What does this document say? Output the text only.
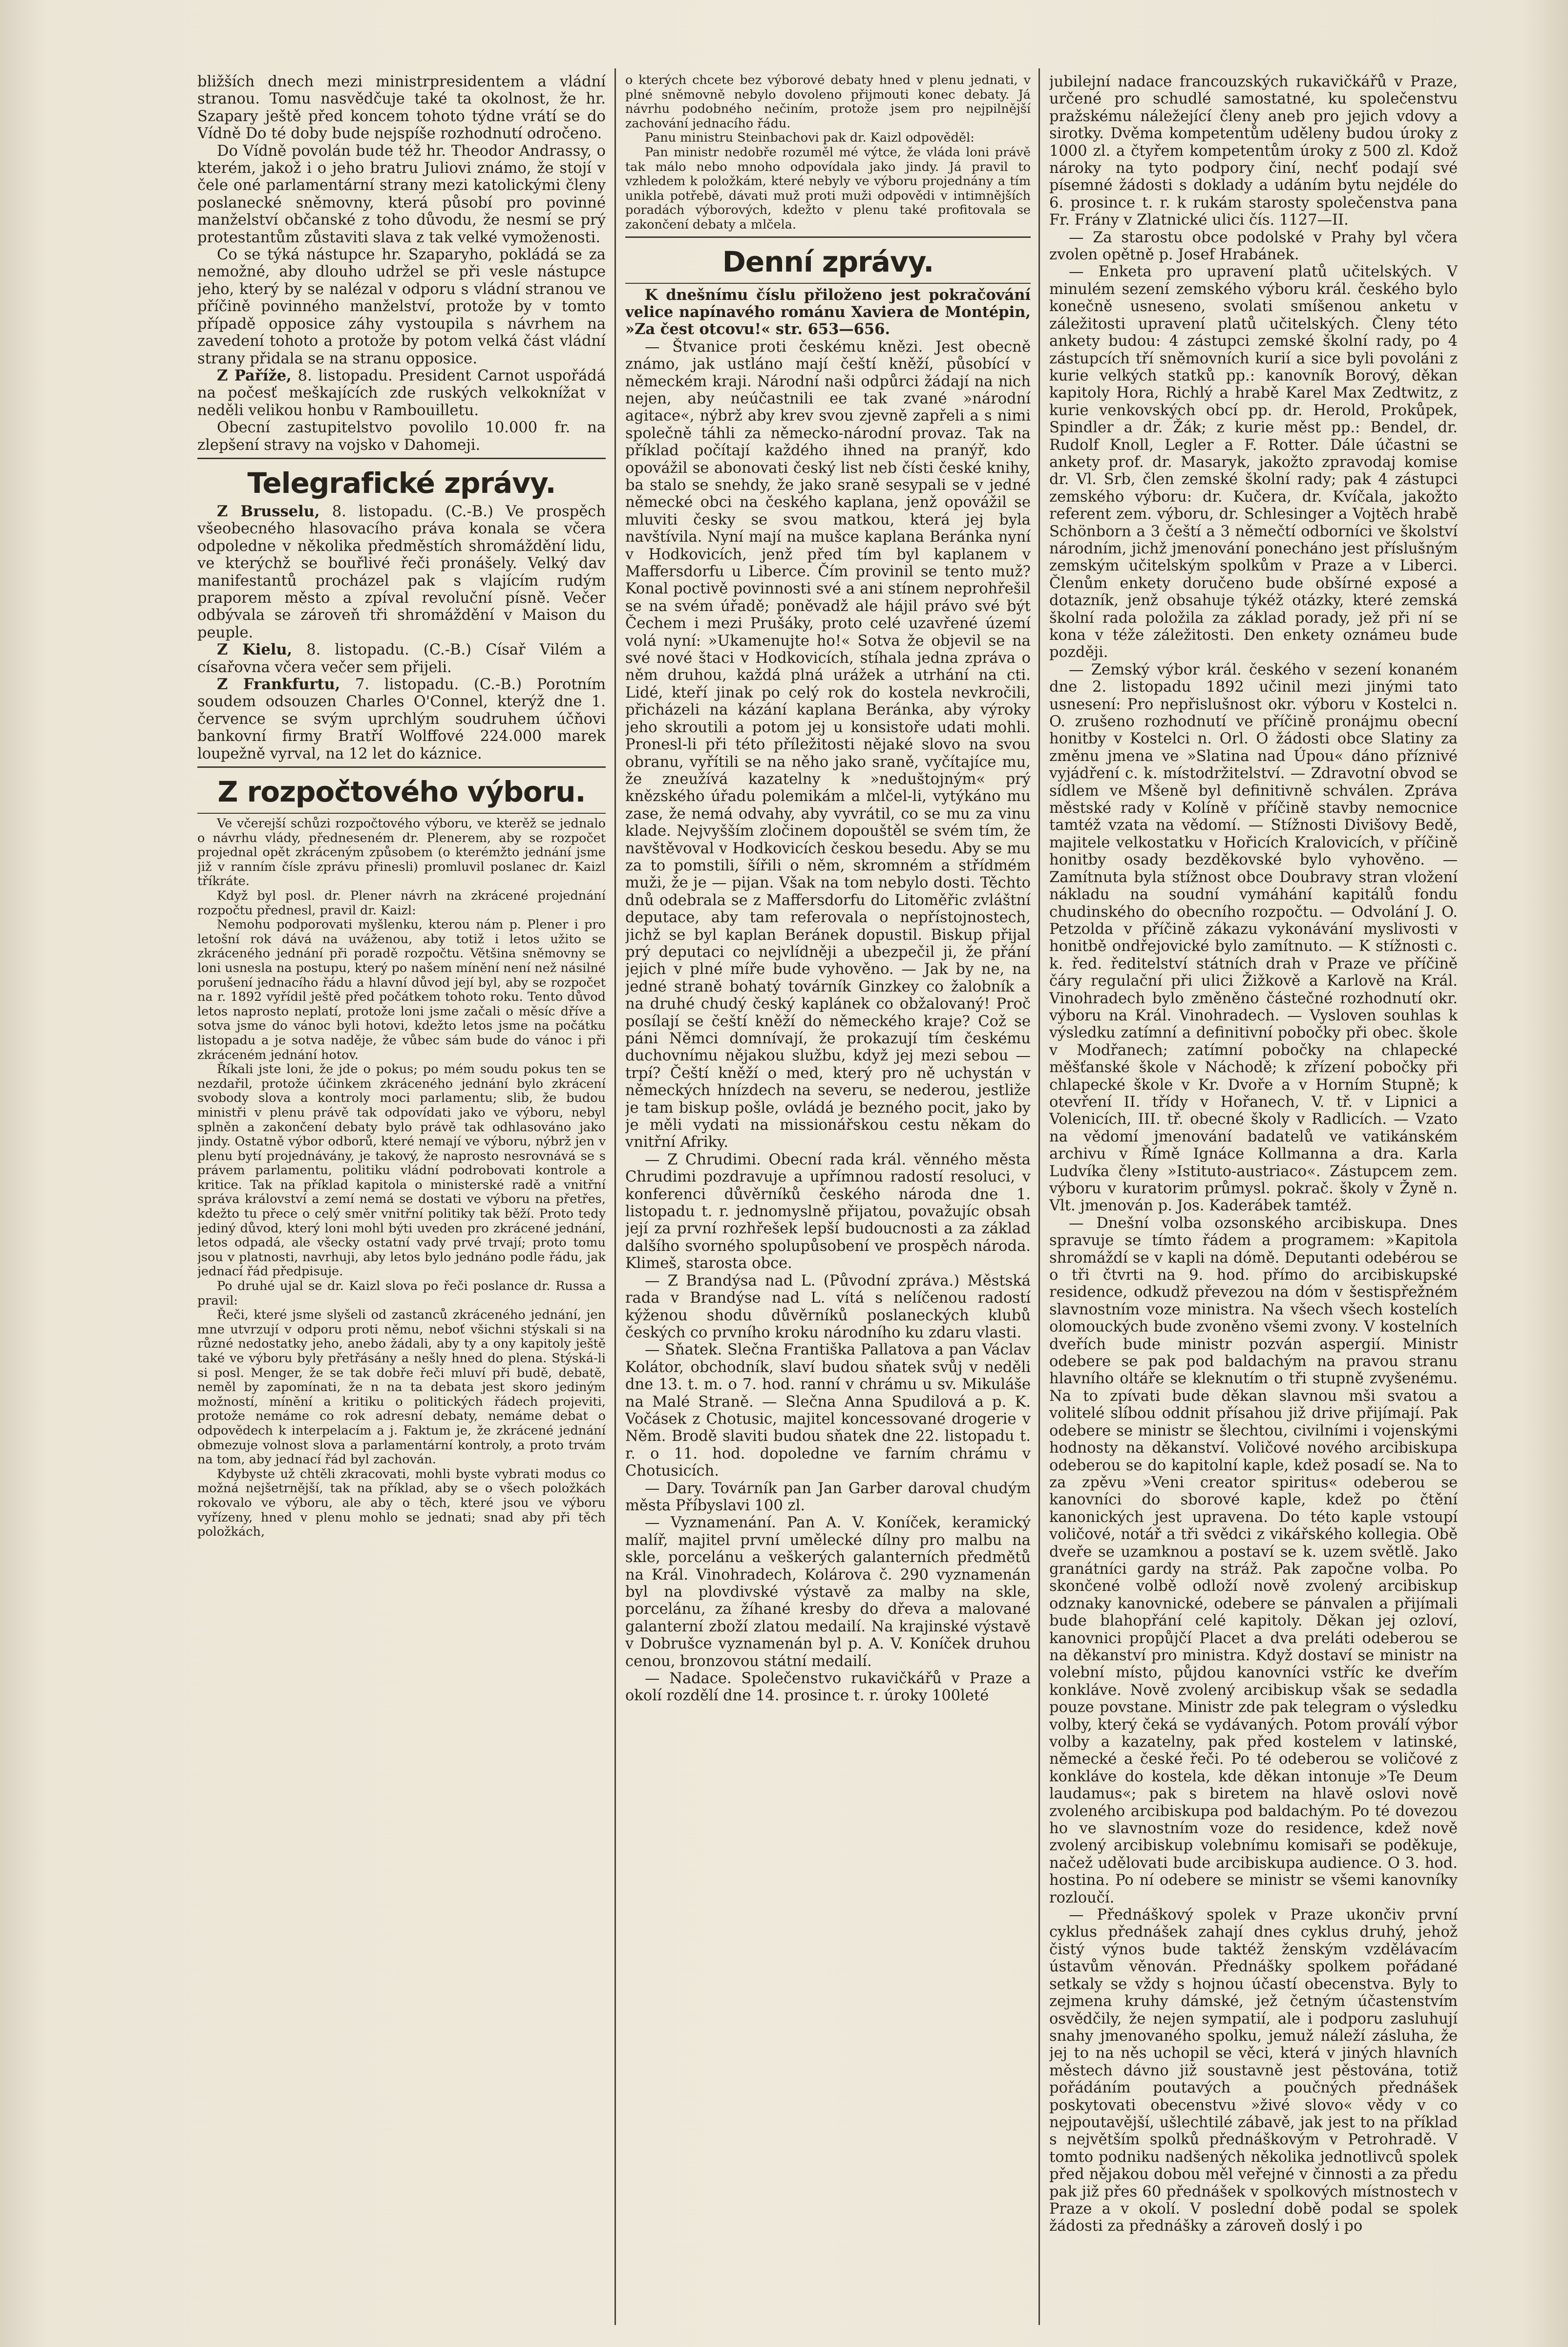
bližších dnech mezi ministrpresidentem a vládní stranou. Tomu nasvědčuje také ta okolnost, že hr. Szapary ještě před koncem tohoto týdne vrátí se do Vídně Do té doby bude nejspíše rozhodnutí odročeno.

Do Vídně povolán bude též hr. Theodor Andrassy, o kterém, jakož i o jeho bratru Juliovi známo, že stojí v čele oné parlamentární strany mezi katolickými členy poslanecké sněmovny, která působí pro povinné manželství občanské z toho důvodu, že nesmí se prý protestantům zůstaviti slava z tak velké vymoženosti.

Co se týká nástupce hr. Szaparyho, pokládá se za nemožné, aby dlouho udržel se při vesle nástupce jeho, který by se nalézal v odporu s vládní stranou ve příčině povinného manželství, protože by v tomto případě opposice záhy vystoupila s návrhem na zavedení tohoto a protože by potom velká část vládní strany přidala se na stranu opposice.

Z Paříže, 8. listopadu. President Carnot uspořádá na počesť meškajících zde ruských velkoknížat v neděli velikou honbu v Rambouilletu.

Obecní zastupitelstvo povolilo 10.000 fr. na zlepšení stravy na vojsko v Dahomeji.

Telegrafické zprávy.

Z Brusselu, 8. listopadu. (C.-B.) Ve prospěch všeobecného hlasovacího práva konala se včera odpoledne v několika předměstích shromáždění lidu, ve kterýchž se bouřlivé řeči pronášely. Velký dav manifestantů procházel pak s vlajícím rudým praporem město a zpíval revoluční písně. Večer odbývala se zároveň tři shromáždění v Maison du peuple.

Z Kielu, 8. listopadu. (C.-B.) Císař Vilém a císařovna včera večer sem přijeli.

Z Frankfurtu, 7. listopadu. (C.-B.) Porotním soudem odsouzen Charles O'Connel, kterýž dne 1. července se svým uprchlým soudruhem účňovi bankovní firmy Bratří Wolffové 224.000 marek loupežně vyrval, na 12 let do káznice.

Z rozpočtového výboru.

Ve včerejší schůzi rozpočtového výboru, ve kterěž se jednalo o návrhu vlády, předneseném dr. Plenerem, aby se rozpočet projednal opět zkráceným způsobem (o kterémžto jednání jsme již v ranním čísle zprávu přinesli) promluvil poslanec dr. Kaizl tříkráte.

Když byl posl. dr. Plener návrh na zkrácené projednání rozpočtu přednesl, pravil dr. Kaizl:

Nemohu podporovati myšlenku, kterou nám p. Plener i pro letošní rok dává na uváženou, aby totiž i letos užito se zkráceného jednání při poradě rozpočtu. Většina sněmovny se loni usnesla na postupu, který po našem mínění není než násilné porušení jednacího řádu a hlavní důvod její byl, aby se rozpočet na r. 1892 vyřídil ještě před počátkem tohoto roku. Tento důvod letos naprosto neplatí, protože loni jsme začali o měsíc dříve a sotva jsme do vánoc byli hotovi, kdežto letos jsme na počátku listopadu a je sotva naděje, že vůbec sám bude do vánoc i při zkráceném jednání hotov.

Říkali jste loni, že jde o pokus; po mém soudu pokus ten se nezdařil, protože účinkem zkráceného jednání bylo zkrácení svobody slova a kontroly moci parlamentu; slib, že budou ministři v plenu právě tak odpovídati jako ve výboru, nebyl splněn a zakončení debaty bylo právě tak odhlasováno jako jindy. Ostatně výbor odborů, které nemají ve výboru, nýbrž jen v plenu bytí projednávány, je takový, že naprosto nesrovnává se s právem parlamentu, politiku vládní podrobovati kontrole a kritice. Tak na příklad kapitola o ministerské radě a vnitřní správa království a zemí nemá se dostati ve výboru na přetřes, kdežto tu přece o celý směr vnitřní politiky tak běží. Proto tedy jediný důvod, který loni mohl býti uveden pro zkrácené jednání, letos odpadá, ale všecky ostatní vady prvé trvají; proto tomu jsou v platnosti, navrhuji, aby letos bylo jednáno podle řádu, jak jednací řád předpisuje.

Po druhé ujal se dr. Kaizl slova po řeči poslance dr. Russa a pravil:

Řeči, které jsme slyšeli od zastanců zkráceného jednání, jen mne utvrzují v odporu proti němu, neboť všichni stýskali si na různé nedostatky jeho, anebo žádali, aby ty a ony kapitoly ještě také ve výboru byly přetřásány a nešly hned do plena. Stýská-li si posl. Menger, že se tak dobře řeči mluví při budě, debatě, neměl by zapomínati, že n na ta debata jest skoro jediným možností, mínění a kritiku o politických řádech projeviti, protože nemáme co rok adresní debaty, nemáme debat o odpovědech k interpelacím a j. Faktum je, že zkrácené jednání obmezuje volnost slova a parlamentární kontroly, a proto trvám na tom, aby jednací řád byl zachován.

Kdybyste už chtěli zkracovati, mohli byste vybrati modus co možná nejšetrnější, tak na příklad, aby se o všech položkách rokovalo ve výboru, ale aby o těch, které jsou ve výboru vyřízeny, hned v plenu mohlo se jednati; snad aby při těch položkách,

o kterých chcete bez výborové debaty hned v plenu jednati, v plné sněmovně nebylo dovoleno přijmouti konec debaty. Já návrhu podobného nečiním, protože jsem pro nejpilnější zachování jednacího řádu.

Panu ministru Steinbachovi pak dr. Kaizl odpověděl:

Pan ministr nedobře rozuměl mé výtce, že vláda loni právě tak málo nebo mnoho odpovídala jako jindy. Já pravil to vzhledem k položkám, které nebyly ve výboru projednány a tím unikla potřebě, dávati muž proti muži odpovědi v intimnějších poradách výborových, kdežto v plenu také profitovala se zakončení debaty a mlčela.

Denní zprávy.

K dnešnímu číslu přiloženo jest pokračování velice napínavého románu Xaviera de Montépin, »Za čest otcovu!« str. 653—656.

— Štvanice proti českému knězi. Jest obecně známo, jak ustláno mají čeští kněží, působící v německém kraji. Národní naši odpůrci žádají na nich nejen, aby neúčastnili ee tak zvané »národní agitace«, nýbrž aby krev svou zjevně zapřeli a s nimi společně táhli za německo-národní provaz. Tak na příklad počítají každého ihned na pranýř, kdo opovážil se abonovati český list neb čísti české knihy, ba stalo se snehdy, že jako sraně sesypali se v jedné německé obci na českého kaplana, jenž opovážil se mluviti česky se svou matkou, která jej byla navštívila. Nyní mají na mušce kaplana Beránka nyní v Hodkovicích, jenž před tím byl kaplanem v Maffersdorfu u Liberce. Čím provinil se tento muž? Konal poctivě povinnosti své a ani stínem neprohřešil se na svém úřadě; poněvadž ale hájil právo své být Čechem i mezi Prušáky, proto celé uzavřené území volá nyní: »Ukamenujte ho!« Sotva že objevil se na své nové štaci v Hodkovicích, stíhala jedna zpráva o něm druhou, každá plná urážek a utrhání na cti. Lidé, kteří jinak po celý rok do kostela nevkročili, přicházeli na kázání kaplana Beránka, aby výroky jeho skroutili a potom jej u konsistoře udati mohli. Pronesl-li při této příležitosti nějaké slovo na svou obranu, vyřítili se na něho jako sraně, vyčítajíce mu, že zneužívá kazatelny k »neduštojným« prý knězského úřadu polemikám a mlčel-li, vytýkáno mu zase, že nemá odvahy, aby vyvrátil, co se mu za vinu klade. Nejvyšším zločinem dopouštěl se svém tím, že navštěvoval v Hodkovicích českou besedu. Aby se mu za to pomstili, šířili o něm, skromném a střídmém muži, že je — pijan. Však na tom nebylo dosti. Těchto dnů odebrala se z Maffersdorfu do Litoměřic zvláštní deputace, aby tam referovala o nepřístojnostech, jichž se byl kaplan Beránek dopustil. Biskup přijal prý deputaci co nejvlídněji a ubezpečil ji, že přání jejich v plné míře bude vyhověno. — Jak by ne, na jedné straně bohatý továrník Ginzkey co žalobník a na druhé chudý český kaplánek co obžalovaný! Proč posílají se čeští kněží do německého kraje? Což se páni Němci domnívají, že prokazují tím českému duchovnímu nějakou službu, když jej mezi sebou — trpí? Čeští kněží o med, který pro ně uchystán v německých hnízdech na severu, se nederou, jestliže je tam biskup pošle, ovládá je bezného pocit, jako by je měli vydati na missionářskou cestu někam do vnitřní Afriky.

— Z Chrudimi. Obecní rada král. věnného města Chrudimi pozdravuje a upřímnou radostí resoluci, v konferenci důvěrníků českého národa dne 1. listopadu t. r. jednomyslně přijatou, považujíc obsah její za první rozhřešek lepší budoucnosti a za základ dalšího svorného spolupůsobení ve prospěch národa. Klimeš, starosta obce.

— Z Brandýsa nad L. (Původní zpráva.) Městská rada v Brandýse nad L. vítá s nelíčenou radostí kýženou shodu důvěrníků poslaneckých klubů českých co prvního kroku národního ku zdaru vlasti.

— Sňatek. Slečna Františka Pallatova a pan Václav Kolátor, obchodník, slaví budou sňatek svůj v neděli dne 13. t. m. o 7. hod. ranní v chrámu u sv. Mikuláše na Malé Straně. — Slečna Anna Spudilová a p. K. Vočásek z Chotusic, majitel koncessované drogerie v Něm. Brodě slaviti budou sňatek dne 22. listopadu t. r. o 11. hod. dopoledne ve farním chrámu v Chotusicích.

— Dary. Továrník pan Jan Garber daroval chudým města Příbyslavi 100 zl.

— Vyznamenání. Pan A. V. Koníček, keramický malíř, majitel první umělecké dílny pro malbu na skle, porcelánu a veškerých galanterních předmětů na Král. Vinohradech, Kolárova č. 290 vyznamenán byl na plovdivské výstavě za malby na skle, porcelánu, za žíhané kresby do dřeva a malované galanterní zboží zlatou medailí. Na krajinské výstavě v Dobrušce vyznamenán byl p. A. V. Koníček druhou cenou, bronzovou státní medailí.

— Nadace. Společenstvo rukavičkářů v Praze a okolí rozdělí dne 14. prosince t. r. úroky 100leté

jubilejní nadace francouzských rukavičkářů v Praze, určené pro schudlé samostatné, ku společenstvu pražskému náležející členy aneb pro jejich vdovy a sirotky. Dvěma kompetentům uděleny budou úroky z 1000 zl. a čtyřem kompetentům úroky z 500 zl. Kdož nároky na tyto podpory činí, nechť podají své písemné žádosti s doklady a udáním bytu nejdéle do 6. prosince t. r. k rukám starosty společenstva pana Fr. Frány v Zlatnické ulici čís. 1127—II.

— Za starostu obce podolské v Prahy byl včera zvolen opětně p. Josef Hrabánek.

— Enketa pro upravení platů učitelských. V minulém sezení zemského výboru král. českého bylo konečně usneseno, svolati smíšenou anketu v záležitosti upravení platů učitelských. Členy této ankety budou: 4 zástupci zemské školní rady, po 4 zástupcích tří sněmovních kurií a sice byli povoláni z kurie velkých statků pp.: kanovník Borový, děkan kapitoly Hora, Richlý a hrabě Karel Max Zedtwitz, z kurie venkovských obcí pp. dr. Herold, Prokůpek, Spindler a dr. Žák; z kurie měst pp.: Bendel, dr. Rudolf Knoll, Legler a F. Rotter. Dále účastni se ankety prof. dr. Masaryk, jakožto zpravodaj komise dr. Vl. Srb, člen zemské školní rady; pak 4 zástupci zemského výboru: dr. Kučera, dr. Kvíčala, jakožto referent zem. výboru, dr. Schlesinger a Vojtěch hrabě Schönborn a 3 čeští a 3 němečtí odborníci ve školství národním, jichž jmenování ponecháno jest příslušným zemským učitelským spolkům v Praze a v Liberci. Členům enkety doručeno bude obšírné exposé a dotazník, jenž obsahuje týkéž otázky, které zemská školní rada položila za základ porady, jež při ní se kona v téže záležitosti. Den enkety oznámeu bude později.

— Zemský výbor král. českého v sezení konaném dne 2. listopadu 1892 učinil mezi jinými tato usnesení: Pro nepřislušnost okr. výboru v Kostelci n. O. zrušeno rozhodnutí ve příčině pronájmu obecní honitby v Kostelci n. Orl. O žádosti obce Slatiny za změnu jmena ve »Slatina nad Úpou« dáno příznivé vyjádření c. k. místodržitelství. — Zdravotní obvod se sídlem ve Mšeně byl definitivně schválen. Zpráva městské rady v Kolíně v příčině stavby nemocnice tamtéž vzata na vědomí. — Stížnosti Divišovy Bedě, majitele velkostatku v Hořicích Kralovicích, v příčině honitby osady bezděkovské bylo vyhověno. — Zamítnuta byla stížnost obce Doubravy stran vložení nákladu na soudní vymáhání kapitálů fondu chudinského do obecního rozpočtu. — Odvolání J. O. Petzolda v příčině zákazu vykonávání myslivosti v honitbě ondřejovické bylo zamítnuto. — K stížnosti c. k. řed. ředitelství státních drah v Praze ve příčině čáry regulační při ulici Žižkově a Karlově na Král. Vinohradech bylo změněno částečné rozhodnutí okr. výboru na Král. Vinohradech. — Vysloven souhlas k výsledku zatímní a definitivní pobočky při obec. škole v Modřanech; zatímní pobočky na chlapecké měšťanské škole v Náchodě; k zřízení pobočky při chlapecké škole v Kr. Dvoře a v Horním Stupně; k otevření II. třídy v Hořanech, V. tř. v Lipnici a Volenicích, III. tř. obecné školy v Radlicích. — Vzato na vědomí jmenování badatelů ve vatikánském archivu v Římě Ignáce Kollmanna a dra. Karla Ludvíka členy »Istituto-austriaco«. Zástupcem zem. výboru v kuratorim průmysl. pokrač. školy v Žyně n. Vlt. jmenován p. Jos. Kaderábek tamtéž.

— Dnešní volba ozsonského arcibiskupa. Dnes spravuje se tímto řádem a programem: »Kapitola shromáždí se v kapli na dómě. Deputanti odebérou se o tři čtvrti na 9. hod. přímo do arcibiskupské residence, odkudž převezou na dóm v šestispřežném slavnostním voze ministra. Na všech všech kostelích olomouckých bude zvoněno všemi zvony. V kostelních dveřích bude ministr pozván aspergií. Ministr odebere se pak pod baldachým na pravou stranu hlavního oltáře se kleknutím o tři stupně zvyšenému. Na to zpívati bude děkan slavnou mši svatou a volitelé slíbou oddnit přísahou již drive přijímají. Pak odebere se ministr se šlechtou, civilními i vojenskými hodnosty na děkanství. Voličové nového arcibiskupa odeberou se do kapitolní kaple, kdež posadí se. Na to za zpěvu »Veni creator spiritus« odeberou se kanovníci do sborové kaple, kdež po čtění kanonických jest upravena. Do této kaple vstoupí voličové, notář a tři svědci z vikářského kollegia. Obě dveře se uzamknou a postaví se k. uzem světlě. Jako granátníci gardy na stráž. Pak započne volba. Po skončené volbě odloží nově zvolený arcibiskup odznaky kanovnické, odebere se pánvalen a přijímali bude blahopřání celé kapitoly. Děkan jej ozloví, kanovnici propůjčí Placet a dva preláti odeberou se na děkanství pro ministra. Když dostaví se ministr na volební místo, půjdou kanovníci vstříc ke dveřím konkláve. Nově zvolený arcibiskup však se sedadla pouze povstane. Ministr zde pak telegram o výsledku volby, který čeká se vydávaných. Potom proválí výbor volby a kazatelny, pak před kostelem v latinské, německé a české řeči. Po té odeberou se voličové z konkláve do kostela, kde děkan intonuje »Te Deum laudamus«; pak s biretem na hlavě oslovi nově zvoleného arcibiskupa pod baldachým. Po té dovezou ho ve slavnostním voze do residence, kdež nově zvolený arcibiskup volebnímu komisaři se poděkuje, načež udělovati bude arcibiskupa audience. O 3. hod. hostina. Po ní odebere se ministr se všemi kanovníky rozloučí.

— Přednáškový spolek v Praze ukončiv první cyklus přednášek zahají dnes cyklus druhý, jehož čistý výnos bude taktéž ženským vzdělávacím ústavům věnován. Přednášky spolkem pořádané setkaly se vždy s hojnou účastí obecenstva. Byly to zejmena kruhy dámské, jež četným účastenstvím osvědčily, že nejen sympatií, ale i podporu zasluhují snahy jmenovaného spolku, jemuž náleží zásluha, že jej to na něs uchopil se věci, která v jiných hlavních městech dávno již soustavně jest pěstována, totiž pořádáním poutavých a poučných přednášek poskytovati obecenstvu »živé slovo« vědy v co nejpoutavější, ušlechtilé zábavě, jak jest to na příklad s největším spolků přednáškovým v Petrohradě. V tomto podniku nadšených několika jednotlivců spolek před nějakou dobou měl veřejné v činnosti a za předu pak již přes 60 přednášek v spolkových místnostech v Praze a v okolí. V poslední době podal se spolek žádosti za přednášky a zároveň doslý i po
